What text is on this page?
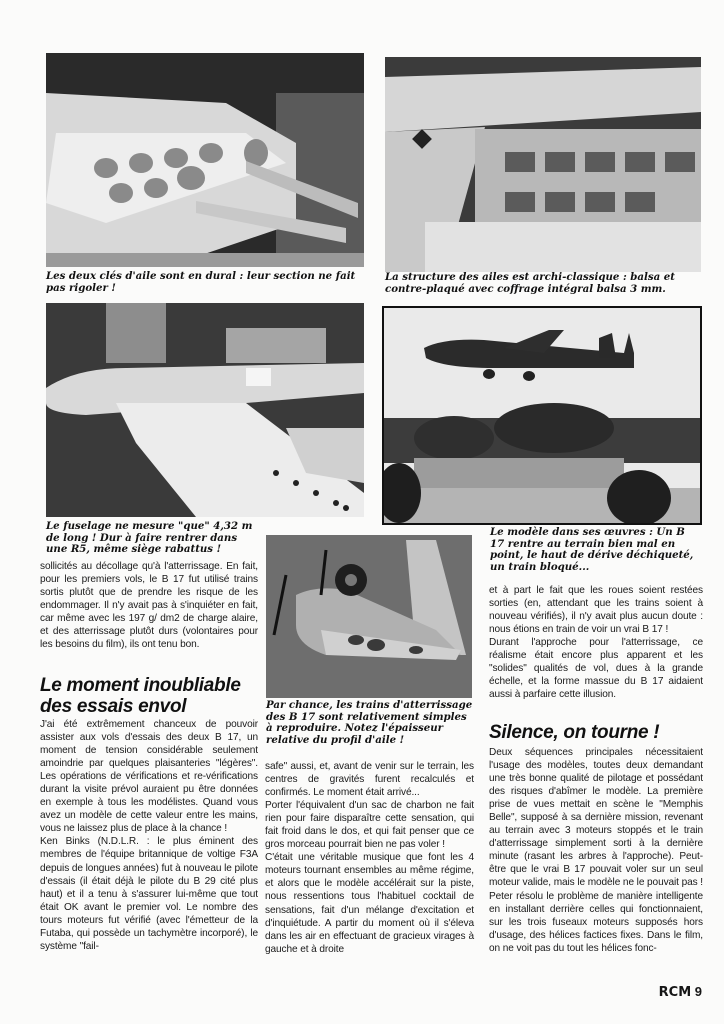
Les deux clés d'aile sont en dural : leur section ne fait pas rigoler !
La structure des ailes est archi-classique : balsa et contre-plaqué avec coffrage intégral balsa 3 mm.
Le fuselage ne mesure "que" 4,32 m de long ! Dur à faire rentrer dans une R5, même siège rabattus !
Le modèle dans ses œuvres : Un B 17 rentre au terrain bien mal en point, le haut de dérive déchiqueté, un train bloqué...
Par chance, les trains d'atterrissage des B 17 sont relativement simples à reproduire. Notez l'épaisseur relative du profil d'aile !

sollicités au décollage qu'à l'atterrissage. En fait, pour les premiers vols, le B 17 fut utilisé trains sortis plutôt que de prendre les risque de les endommager. Il n'y avait pas à s'inquiéter en fait, car même avec les 197 g/ dm2 de charge alaire, et des atterrissage plutôt durs (volontaires pour les besoins du film), ils ont tenu bon.

Le moment inoubliable des essais envol

J'ai été extrêmement chanceux de pouvoir assister aux vols d'essais des deux B 17, un moment de tension considérable seulement amoindrie par quelques plaisanteries "légères". Les opérations de vérifications et re-vérifications durant la visite prévol auraient pu être données en exemple à tous les modélistes. Quand vous avez un modèle de cette valeur entre les mains, vous ne laissez plus de place à la chance !

Ken Binks (N.D.L.R. : le plus éminent des membres de l'équipe britannique de voltige F3A depuis de longues années) fut à nouveau le pilote d'essais (il était déjà le pilote du B 29 cité plus haut) et il a tenu à s'assurer lui-même que tout était OK avant le premier vol. Le nombre des tours moteurs fut vérifié (avec l'émetteur de la Futaba, qui possède un tachymètre incorporé), le système "fail-

safe" aussi, et, avant de venir sur le terrain, les centres de gravités furent recalculés et confirmés. Le moment était arrivé...

Porter l'équivalent d'un sac de charbon ne fait rien pour faire disparaître cette sensation, qui fait froid dans le dos, et qui fait penser que ce gros morceau pourrait bien ne pas voler !

C'était une véritable musique que font les 4 moteurs tournant ensembles au même régime, et alors que le modèle accélérait sur la piste, nous ressentions tous l'habituel cocktail de sensations, fait d'un mélange d'excitation et d'inquiétude. A partir du moment où il s'éleva dans les air en effectuant de gracieux virages à gauche et à droite

et à part le fait que les roues soient restées sorties (en, attendant que les trains soient à nouveau vérifiés), il n'y avait plus aucun doute : nous étions en train de voir un vrai B 17 !

Durant l'approche pour l'atterrissage, ce réalisme était encore plus apparent et les "solides" qualités de vol, dues à la grande échelle, et la forme massue du B 17 aidaient aussi à parfaire cette illusion.

Silence, on tourne !

Deux séquences principales nécessitaient l'usage des modèles, toutes deux demandant une très bonne qualité de pilotage et possédant des risques d'abîmer le modèle. La première prise de vues mettait en scène le "Memphis Belle", supposé à sa dernière mission, revenant au terrain avec 3 moteurs stoppés et le train d'atterrissage simplement sorti à la dernière minute (rasant les arbres à l'approche). Peut-être que le vrai B 17 pouvait voler sur un seul moteur valide, mais le modèle ne le pouvait pas ! Peter résolu le problème de manière intelligente en installant derrière celles qui fonctionnaient, sur les trois fuseaux moteurs supposés hors d'usage, des hélices factices fixes. Dans le film, on ne voit pas du tout les hélices fonc-

RCM 9
